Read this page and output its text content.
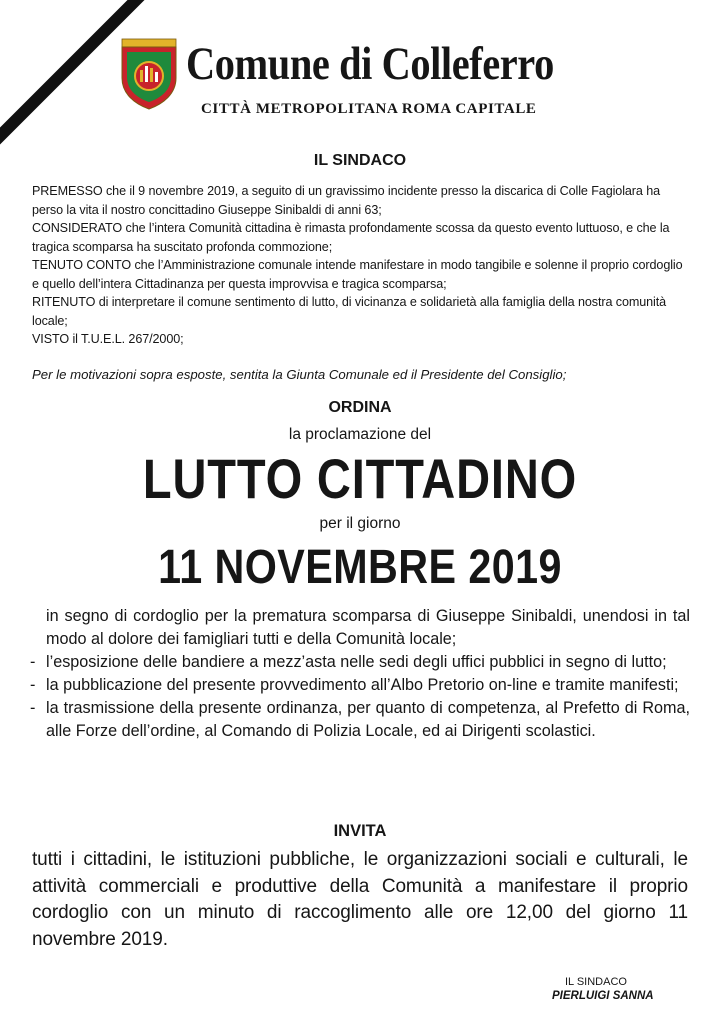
Comune di Colleferro
CITTÀ METROPOLITANA ROMA CAPITALE
IL SINDACO

PREMESSO che il 9 novembre 2019, a seguito di un gravissimo incidente presso la discarica di Colle Fagiolara ha perso la vita il nostro concittadino Giuseppe Sinibaldi di anni 63;

CONSIDERATO che l’intera Comunità cittadina è rimasta profondamente scossa da questo evento luttuoso, e che la tragica scomparsa ha suscitato profonda commozione;

TENUTO CONTO che l’Amministrazione comunale intende manifestare in modo tangibile e solenne il proprio cordoglio e quello dell’intera Cittadinanza per questa improvvisa e tragica scomparsa;

RITENUTO di interpretare il comune sentimento di lutto, di vicinanza e solidarietà alla famiglia della nostra comunità locale;

VISTO il T.U.E.L. 267/2000;

Per le motivazioni sopra esposte, sentita la Giunta Comunale ed il Presidente del Consiglio;
ORDINA
la proclamazione del
LUTTO CITTADINO
per il giorno
11 NOVEMBRE 2019
in segno di cordoglio per la prematura scomparsa di Giuseppe Sinibaldi, unendosi in tal modo al dolore dei famigliari tutti e della Comunità locale;
- l’esposizione delle bandiere a mezz’asta nelle sedi degli uffici pubblici in segno di lutto;
- la pubblicazione del presente provvedimento all’Albo Pretorio on-line e tramite manifesti;
- la trasmissione della presente ordinanza, per quanto di competenza, al Prefetto di Roma, alle Forze dell’ordine, al Comando di Polizia Locale, ed ai Dirigenti scolastici.
INVITA
tutti i cittadini, le istituzioni pubbliche, le organizzazioni sociali e culturali, le attività commerciali e produttive della Comunità a manifestare il proprio cordoglio con un minuto di raccoglimento alle ore 12,00 del giorno 11 novembre 2019.
IL SINDACO
PIERLUIGI SANNA
